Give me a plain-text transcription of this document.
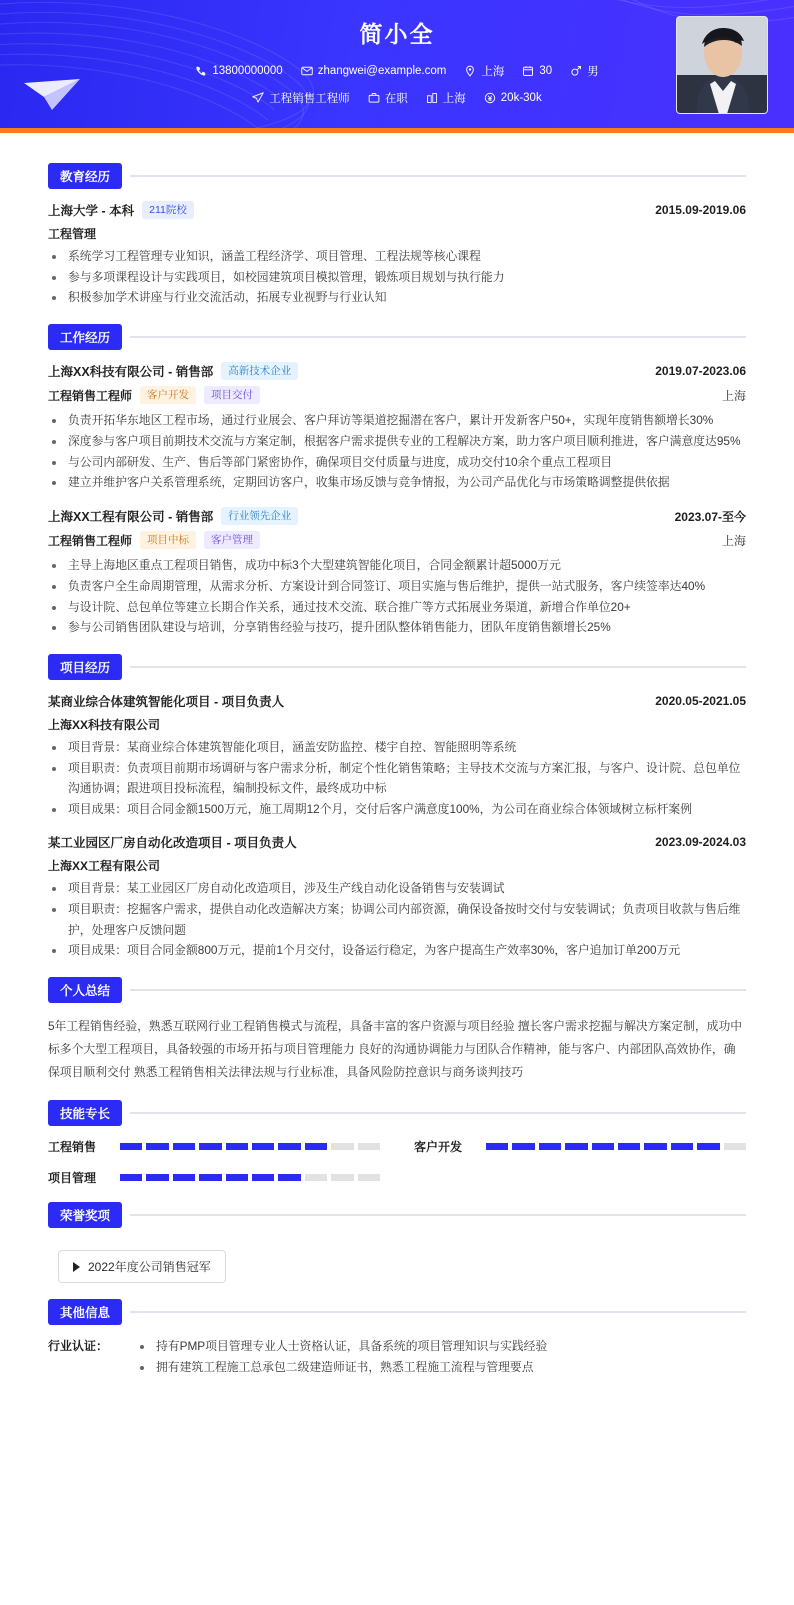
简小全
13800000000	zhangwei@example.com	上海	30	男
工程销售工程师	在职	上海	20k-30k
教育经历
上海大学 - 本科	211院校	2015.09-2019.06
工程管理
• 系统学习工程管理专业知识，涵盖工程经济学、项目管理、工程法规等核心课程
• 参与多项课程设计与实践项目，如校园建筑项目模拟管理，锻炼项目规划与执行能力
• 积极参加学术讲座与行业交流活动，拓展专业视野与行业认知
工作经历
上海XX科技有限公司 - 销售部	高新技术企业	2019.07-2023.06
工程销售工程师	客户开发	项目交付	上海
• 负责开拓华东地区工程市场，通过行业展会、客户拜访等渠道挖掘潜在客户，累计开发新客户50+，实现年度销售额增长30%
• 深度参与客户项目前期技术交流与方案定制，根据客户需求提供专业的工程解决方案，助力客户项目顺利推进，客户满意度达95%
• 与公司内部研发、生产、售后等部门紧密协作，确保项目交付质量与进度，成功交付10余个重点工程项目
• 建立并维护客户关系管理系统，定期回访客户，收集市场反馈与竞争情报，为公司产品优化与市场策略调整提供依据
上海XX工程有限公司 - 销售部	行业领先企业	2023.07-至今
工程销售工程师	项目中标	客户管理	上海
• 主导上海地区重点工程项目销售，成功中标3个大型建筑智能化项目，合同金额累计超5000万元
• 负责客户全生命周期管理，从需求分析、方案设计到合同签订、项目实施与售后维护，提供一站式服务，客户续签率达40%
• 与设计院、总包单位等建立长期合作关系，通过技术交流、联合推广等方式拓展业务渠道，新增合作单位20+
• 参与公司销售团队建设与培训，分享销售经验与技巧，提升团队整体销售能力，团队年度销售额增长25%
项目经历
某商业综合体建筑智能化项目 - 项目负责人	2020.05-2021.05
上海XX科技有限公司
• 项目背景：某商业综合体建筑智能化项目，涵盖安防监控、楼宇自控、智能照明等系统
• 项目职责：负责项目前期市场调研与客户需求分析，制定个性化销售策略；主导技术交流与方案汇报，与客户、设计院、总包单位沟通协调；跟进项目投标流程，编制投标文件，最终成功中标
• 项目成果：项目合同金额1500万元，施工周期12个月，交付后客户满意度100%，为公司在商业综合体领域树立标杆案例
某工业园区厂房自动化改造项目 - 项目负责人	2023.09-2024.03
上海XX工程有限公司
• 项目背景：某工业园区厂房自动化改造项目，涉及生产线自动化设备销售与安装调试
• 项目职责：挖掘客户需求，提供自动化改造解决方案；协调公司内部资源，确保设备按时交付与安装调试；负责项目收款与售后维护，处理客户反馈问题
• 项目成果：项目合同金额800万元，提前1个月交付，设备运行稳定，为客户提高生产效率30%，客户追加订单200万元
个人总结
5年工程销售经验，熟悉互联网行业工程销售模式与流程，具备丰富的客户资源与项目经验 擅长客户需求挖掘与解决方案定制，成功中标多个大型工程项目，具备较强的市场开拓与项目管理能力 良好的沟通协调能力与团队合作精神，能与客户、内部团队高效协作，确保项目顺利交付 熟悉工程销售相关法律法规与行业标准，具备风险防控意识与商务谈判技巧
技能专长
工程销售	客户开发
项目管理
荣誉奖项
2022年度公司销售冠军
其他信息
行业认证：	• 持有PMP项目管理专业人士资格认证，具备系统的项目管理知识与实践经验
• 拥有建筑工程施工总承包二级建造师证书，熟悉工程施工流程与管理要点
